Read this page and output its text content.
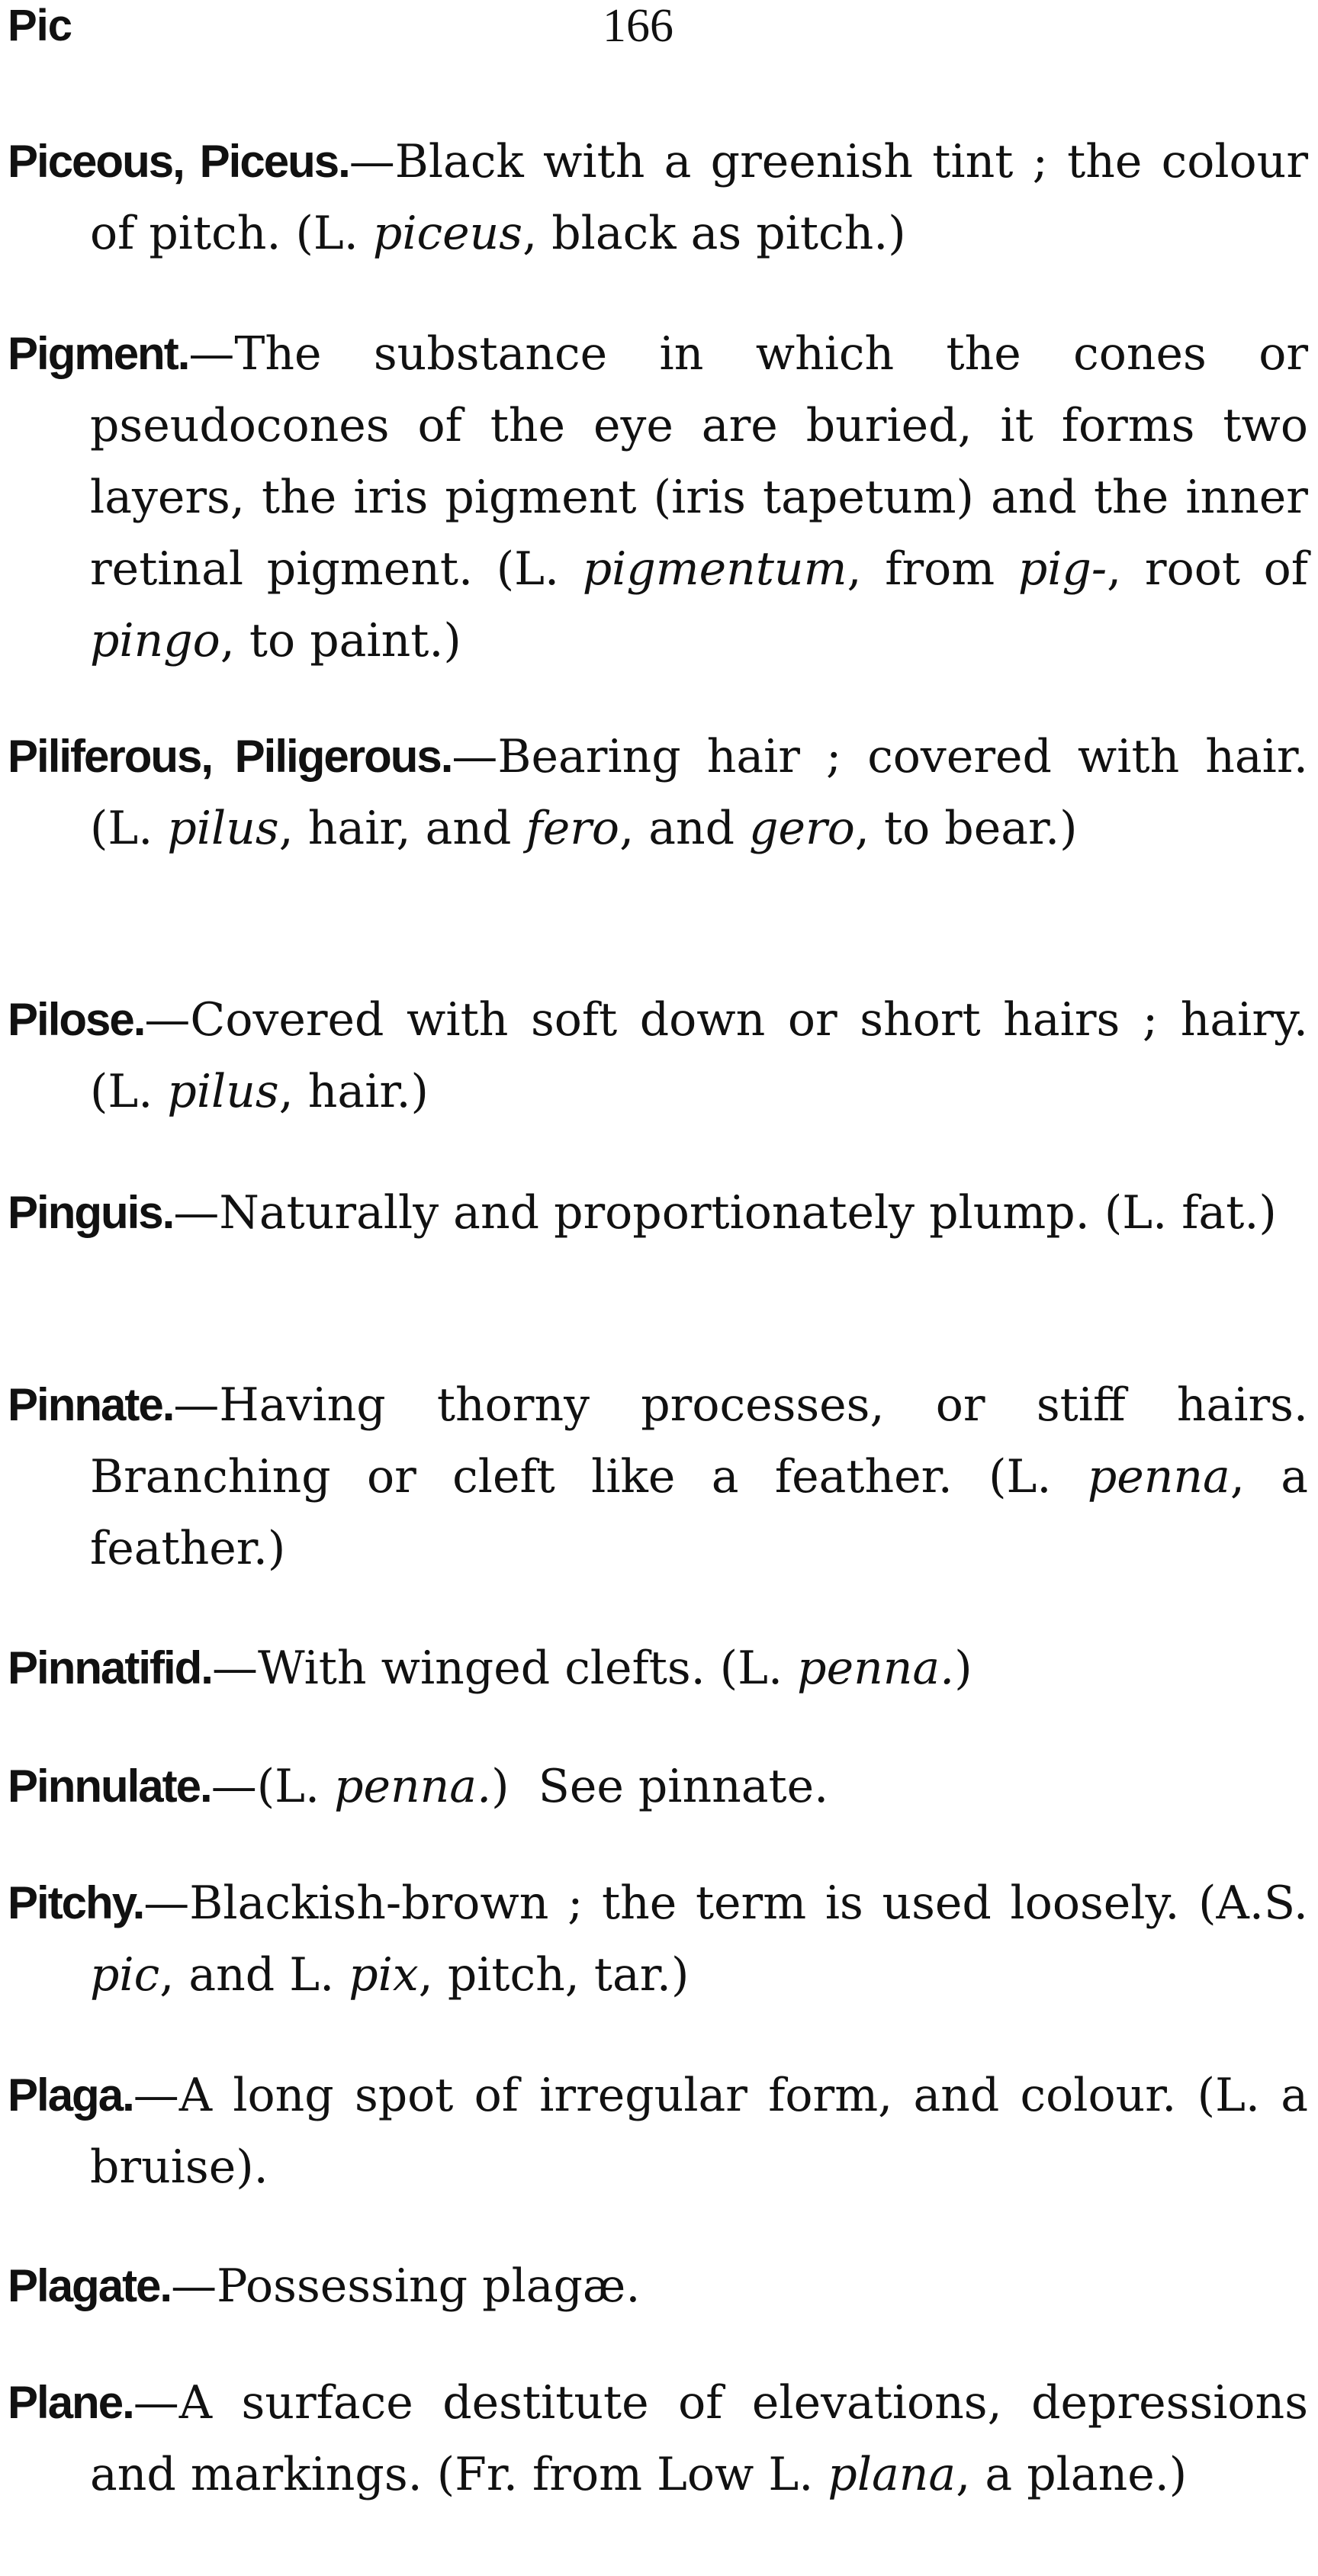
Pic	166

Piceous, Piceus.—Black with a greenish tint ; the colour of pitch. (L. piceus, black as pitch.)

Pigment.—The substance in which the cones or pseudocones of the eye are buried, it forms two layers, the iris pigment (iris tapetum) and the inner retinal pigment. (L. pigmentum, from pig-, root of pingo, to paint.)

Piliferous, Piligerous.—Bearing hair ; covered with hair. (L. pilus, hair, and fero, and gero, to bear.)

Pilose.—Covered with soft down or short hairs ; hairy. (L. pilus, hair.)

Pinguis.—Naturally and proportionately plump. (L. fat.)

Pinnate.—Having thorny processes, or stiff hairs. Branching or cleft like a feather. (L. penna, a feather.)

Pinnatifid.—With winged clefts. (L. penna.)

Pinnulate.—(L. penna.)  See pinnate.

Pitchy.—Blackish-brown ; the term is used loosely. (A.S. pic, and L. pix, pitch, tar.)

Plaga.—A long spot of irregular form, and colour. (L. a bruise).

Plagate.—Possessing plagæ.

Plane.—A surface destitute of elevations, depressions and markings. (Fr. from Low L. plana, a plane.)
